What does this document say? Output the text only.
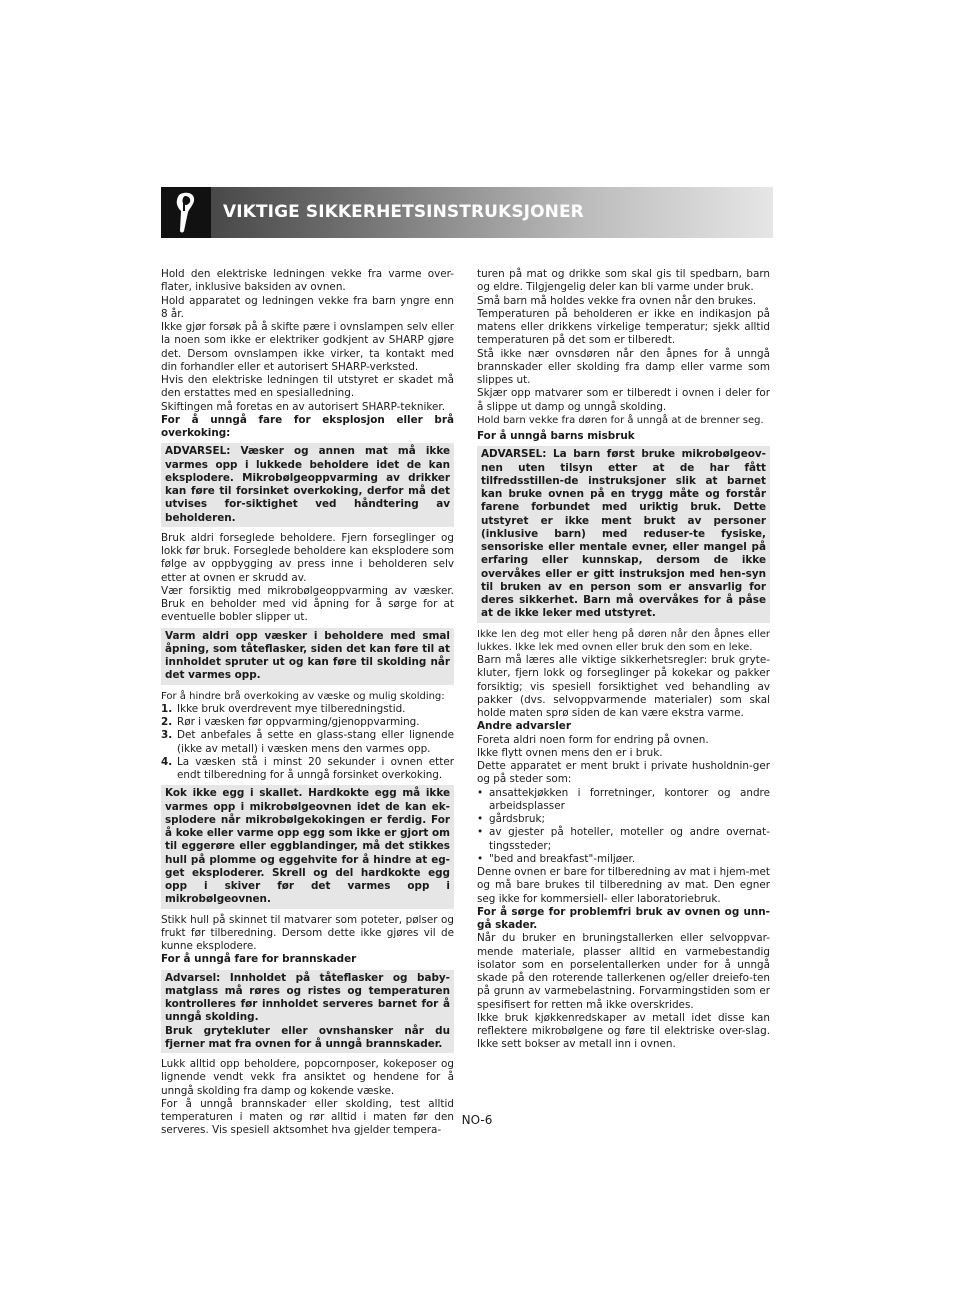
VIKTIGE SIKKERHETSINSTRUKSJONER

Hold den elektriske ledningen vekke fra varme over-flater, inklusive baksiden av ovnen.

Hold apparatet og ledningen vekke fra barn yngre enn 8 år.

Ikke gjør forsøk på å skifte pære i ovnslampen selv eller la noen som ikke er elektriker godkjent av SHARP gjøre det. Dersom ovnslampen ikke virker, ta kontakt med din forhandler eller et autorisert SHARP-verksted.

Hvis den elektriske ledningen til utstyret er skadet må den erstattes med en spesialledning.

Skiftingen må foretas en av autorisert SHARP-tekniker.

For å unngå fare for eksplosjon eller brå overkoking:

ADVARSEL: Væsker og annen mat må ikke varmes opp i lukkede beholdere idet de kan eksplodere. Mikrobølgeoppvarming av drikker kan føre til forsinket overkoking, derfor må det utvises for-siktighet ved håndtering av beholderen.

Bruk aldri forseglede beholdere. Fjern forseglinger og lokk før bruk. Forseglede beholdere kan eksplodere som følge av oppbygging av press inne i beholderen selv etter at ovnen er skrudd av.

Vær forsiktig med mikrobølgeoppvarming av væsker. Bruk en beholder med vid åpning for å sørge for at eventuelle bobler slipper ut.

Varm aldri opp væsker i beholdere med smal åpning, som tåteflasker, siden det kan føre til at innholdet spruter ut og kan føre til skolding når det varmes opp.

For å hindre brå overkoking av væske og mulig skolding:

1. Ikke bruk overdrevent mye tilberedningstid.
2. Rør i væsken før oppvarming/gjenoppvarming.
3. Det anbefales å sette en glass-stang eller lignende (ikke av metall) i væsken mens den varmes opp.
4. La væsken stå i minst 20 sekunder i ovnen etter endt tilberedning for å unngå forsinket overkoking.

Kok ikke egg i skallet. Hardkokte egg må ikke varmes opp i mikrobølgeovnen idet de kan ek-splodere når mikrobølgekokingen er ferdig. For å koke eller varme opp egg som ikke er gjort om til eggerøre eller eggblandinger, må det stikkes hull på plomme og eggehvite for å hindre at eg-get eksploderer. Skrell og del hardkokte egg opp i skiver før det varmes opp i mikrobølgeovnen.

Stikk hull på skinnet til matvarer som poteter, pølser og frukt før tilberedning. Dersom dette ikke gjøres vil de kunne eksplodere.

For å unngå fare for brannskader

Advarsel: Innholdet på tåteflasker og baby-matglass må røres og ristes og temperaturen kontrolleres før innholdet serveres barnet for å unngå skolding.

Bruk grytekluter eller ovnshansker når du fjerner mat fra ovnen for å unngå brannskader.

Lukk alltid opp beholdere, popcornposer, kokeposer og lignende vendt vekk fra ansiktet og hendene for å unngå skolding fra damp og kokende væske.

For å unngå brannskader eller skolding, test alltid temperaturen i maten og rør alltid i maten før den serveres. Vis spesiell aktsomhet hva gjelder tempera-

turen på mat og drikke som skal gis til spedbarn, barn og eldre. Tilgjengelig deler kan bli varme under bruk.

Små barn må holdes vekke fra ovnen når den brukes.

Temperaturen på beholderen er ikke en indikasjon på matens eller drikkens virkelige temperatur; sjekk alltid temperaturen på det som er tilberedt.

Stå ikke nær ovnsdøren når den åpnes for å unngå brannskader eller skolding fra damp eller varme som slippes ut.

Skjær opp matvarer som er tilberedt i ovnen i deler for å slippe ut damp og unngå skolding.

Hold barn vekke fra døren for å unngå at de brenner seg.

For å unngå barns misbruk

ADVARSEL: La barn først bruke mikrobølgeov-nen uten tilsyn etter at de har fått tilfredsstillen-de instruksjoner slik at barnet kan bruke ovnen på en trygg måte og forstår farene forbundet med uriktig bruk. Dette utstyret er ikke ment brukt av personer (inklusive barn) med reduser-te fysiske, sensoriske eller mentale evner, eller mangel på erfaring eller kunnskap, dersom de ikke overvåkes eller er gitt instruksjon med hen-syn til bruken av en person som er ansvarlig for deres sikkerhet. Barn må overvåkes for å påse at de ikke leker med utstyret.

Ikke len deg mot eller heng på døren når den åpnes eller lukkes. Ikke lek med ovnen eller bruk den som en leke.

Barn må læres alle viktige sikkerhetsregler: bruk gryte-kluter, fjern lokk og forseglinger på kokekar og pakker forsiktig; vis spesiell forsiktighet ved behandling av pakker (dvs. selvoppvarmende materialer) som skal holde maten sprø siden de kan være ekstra varme.

Andre advarsler

Foreta aldri noen form for endring på ovnen.

Ikke flytt ovnen mens den er i bruk.

Dette apparatet er ment brukt i private husholdnin-ger og på steder som:

• ansattekjøkken i forretninger, kontorer og andre arbeidsplasser
• gårdsbruk;
• av gjester på hoteller, moteller og andre overnat-tingssteder;
• "bed and breakfast"-miljøer.

Denne ovnen er bare for tilberedning av mat i hjem-met og må bare brukes til tilberedning av mat. Den egner seg ikke for kommersiell- eller laboratoriebruk.

For å sørge for problemfri bruk av ovnen og unn-gå skader.

Når du bruker en bruningstallerken eller selvoppvar-mende materiale, plasser alltid en varmebestandig isolator som en porselentallerken under for å unngå skade på den roterende tallerkenen og/eller dreiefo-ten på grunn av varmebelastning. Forvarmingstiden som er spesifisert for retten må ikke overskrides.

Ikke bruk kjøkkenredskaper av metall idet disse kan reflektere mikrobølgene og føre til elektriske over-slag. Ikke sett bokser av metall inn i ovnen.

NO-6
